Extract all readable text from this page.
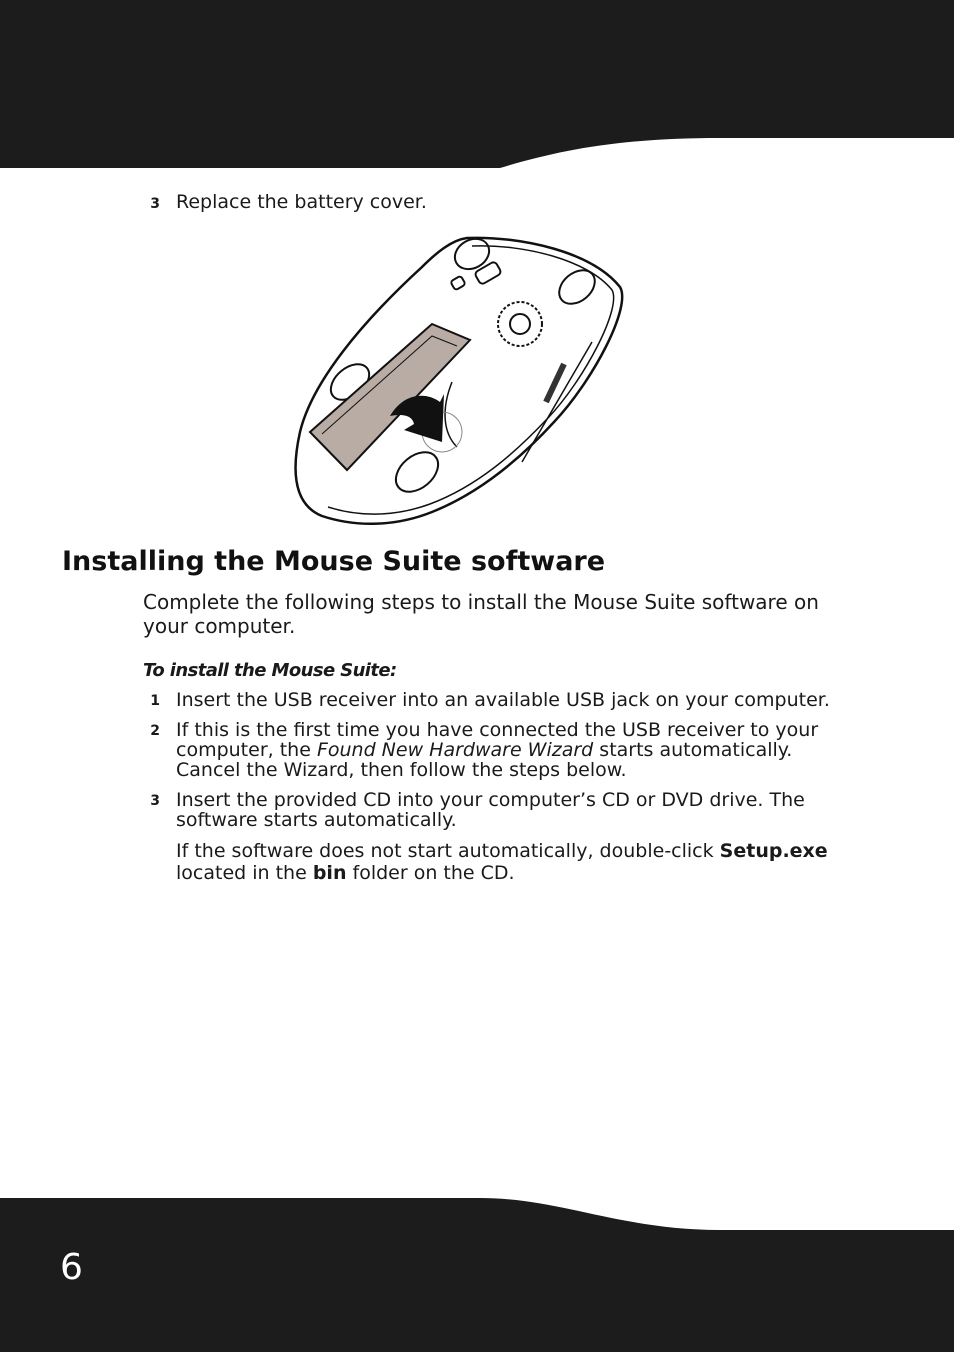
3 Replace the battery cover.
Installing the Mouse Suite software

Complete the following steps to install the Mouse Suite software on your computer.

To install the Mouse Suite:
1 Insert the USB receiver into an available USB jack on your computer.
2 If this is the first time you have connected the USB receiver to your computer, the Found New Hardware Wizard starts automatically. Cancel the Wizard, then follow the steps below.
3 Insert the provided CD into your computer’s CD or DVD drive. The software starts automatically.
If the software does not start automatically, double-click Setup.exe located in the bin folder on the CD.
6
